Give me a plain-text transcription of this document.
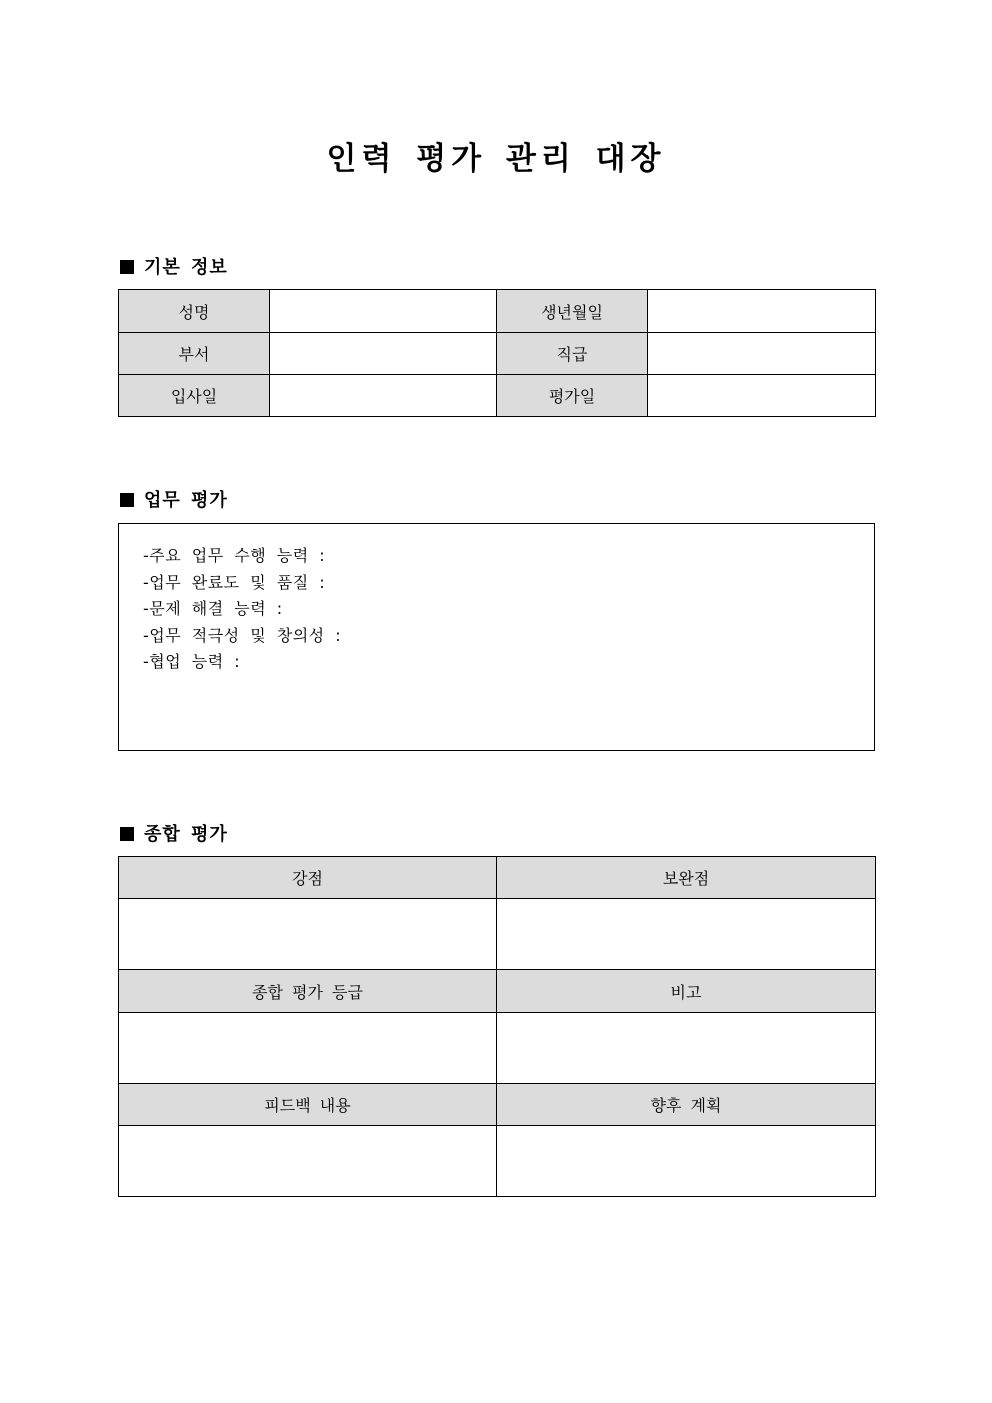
인력 평가 관리 대장
기본 정보
성명		생년월일	
부서		직급	
입사일		평가일	
업무 평가
-주요 업무 수행 능력 :
-업무 완료도 및 품질 :
-문제 해결 능력 :
-업무 적극성 및 창의성 :
-협업 능력 :
종합 평가
강점	보완점

종합 평가 등급	비고

피드백 내용	향후 계획
